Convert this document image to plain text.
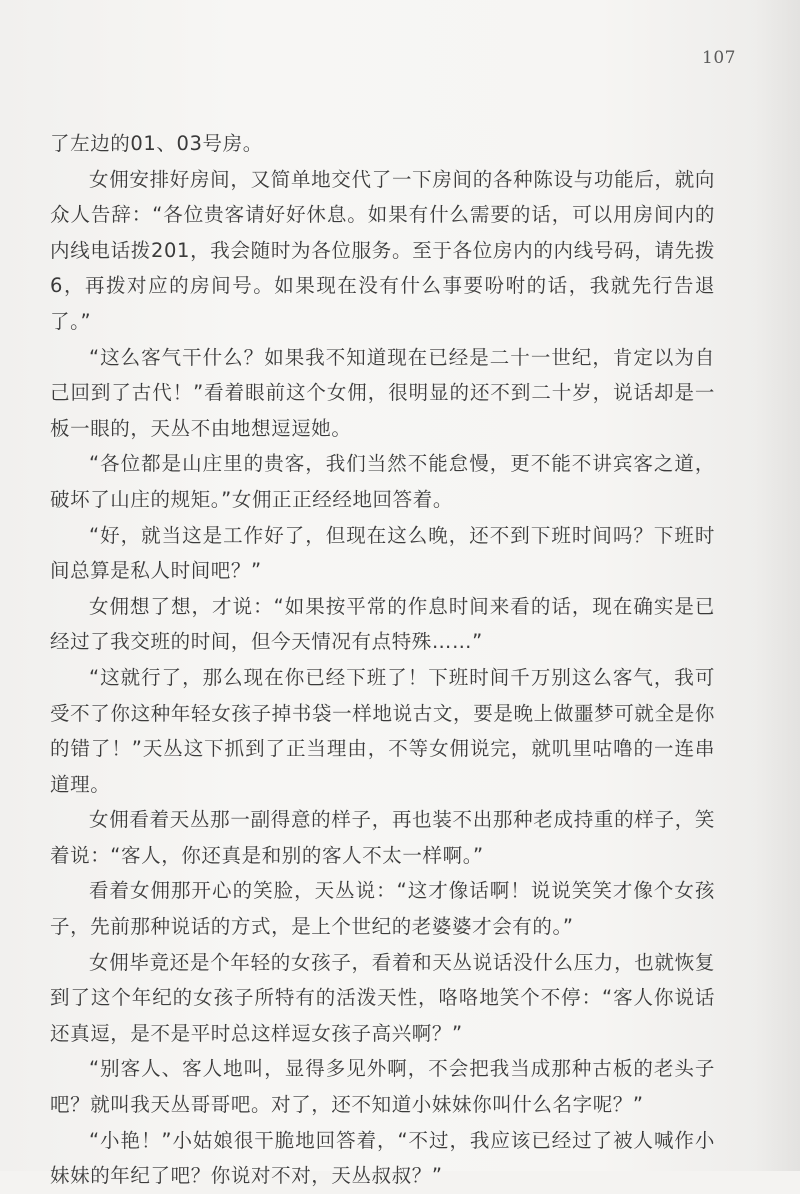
107

了左边的01、03号房。

女佣安排好房间，又简单地交代了一下房间的各种陈设与功能后，就向众人告辞：“各位贵客请好好休息。如果有什么需要的话，可以用房间内的内线电话拨201，我会随时为各位服务。至于各位房内的内线号码，请先拨6，再拨对应的房间号。如果现在没有什么事要吩咐的话，我就先行告退了。”

“这么客气干什么？如果我不知道现在已经是二十一世纪，肯定以为自己回到了古代！”看着眼前这个女佣，很明显的还不到二十岁，说话却是一板一眼的，天丛不由地想逗逗她。

“各位都是山庄里的贵客，我们当然不能怠慢，更不能不讲宾客之道，破坏了山庄的规矩。”女佣正正经经地回答着。

“好，就当这是工作好了，但现在这么晚，还不到下班时间吗？下班时间总算是私人时间吧？”

女佣想了想，才说：“如果按平常的作息时间来看的话，现在确实是已经过了我交班的时间，但今天情况有点特殊……”

“这就行了，那么现在你已经下班了！下班时间千万别这么客气，我可受不了你这种年轻女孩子掉书袋一样地说古文，要是晚上做噩梦可就全是你的错了！”天丛这下抓到了正当理由，不等女佣说完，就叽里咕噜的一连串道理。

女佣看着天丛那一副得意的样子，再也装不出那种老成持重的样子，笑着说：“客人，你还真是和别的客人不太一样啊。”

看着女佣那开心的笑脸，天丛说：“这才像话啊！说说笑笑才像个女孩子，先前那种说话的方式，是上个世纪的老婆婆才会有的。”

女佣毕竟还是个年轻的女孩子，看着和天丛说话没什么压力，也就恢复到了这个年纪的女孩子所特有的活泼天性，咯咯地笑个不停：“客人你说话还真逗，是不是平时总这样逗女孩子高兴啊？”

“别客人、客人地叫，显得多见外啊，不会把我当成那种古板的老头子吧？就叫我天丛哥哥吧。对了，还不知道小妹妹你叫什么名字呢？”

“小艳！”小姑娘很干脆地回答着，“不过，我应该已经过了被人喊作小妹妹的年纪了吧？你说对不对，天丛叔叔？”
